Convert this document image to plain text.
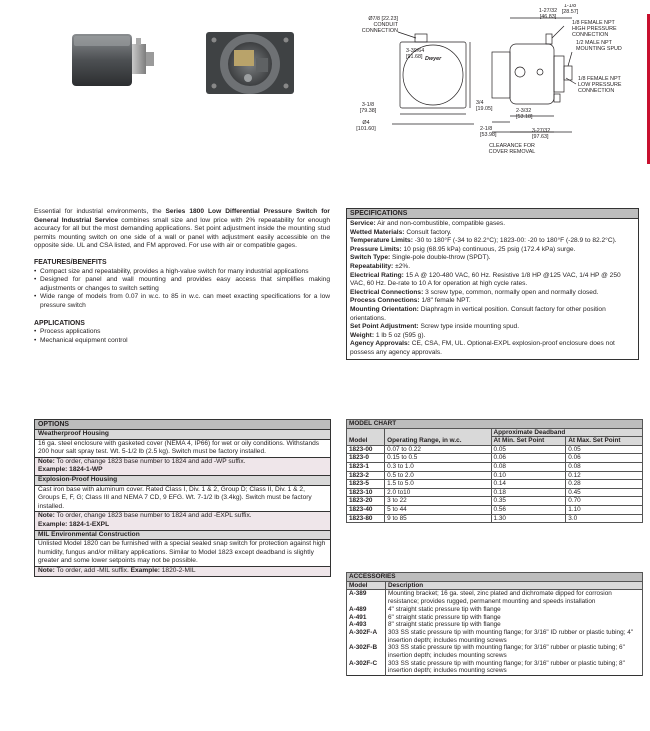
Dwyer
Ø7/8 [22.23] CONDUIT CONNECTION
3-39/64 [91.68]
3-1/8 [79.38]
Ø4 [101.60]
1-27/32 [46.83]
1-1/8 [28.57]
1/8 FEMALE NPT HIGH PRESSURE CONNECTION
1/2 MALE NPT MOUNTING SPUD
1/8 FEMALE NPT LOW PRESSURE CONNECTION
3/4 [19.05]	2-3/32 [53.18]
2-1/8 [53.98]
3-27/32 [97.63]
CLEARANCE FOR COVER REMOVAL
Essential for industrial environments, the Series 1800 Low Differential Pressure Switch for General Industrial Service combines small size and low price with 2% repeatability for enough accuracy for all but the most demanding applications. Set point adjustment inside the mounting stud permits mounting switch on one side of a wall or panel with adjustment easily accessible on the opposite side. UL and CSA listed, and FM approved. For use with air or compatible gages.
FEATURES/BENEFITS
• Compact size and repeatability, provides a high-value switch for many industrial applications
• Designed for panel and wall mounting and provides easy access that simplifies making adjustments or changes to switch setting
• Wide range of models from 0.07 in w.c. to 85 in w.c. can meet exacting specifications for a low pressure switch
APPLICATIONS
• Process applications
• Mechanical equipment control
SPECIFICATIONS
Service: Air and non-combustible, compatible gases.
Wetted Materials: Consult factory.
Temperature Limits: -30 to 180°F (-34 to 82.2°C); 1823-00: -20 to 180°F (-28.9 to 82.2°C).
Pressure Limits: 10 psig (68.95 kPa) continuous, 25 psig (172.4 kPa) surge.
Switch Type: Single-pole double-throw (SPDT).
Repeatability: ±2%.
Electrical Rating: 15 A @ 120-480 VAC, 60 Hz. Resistive 1/8 HP @125 VAC, 1/4 HP @ 250 VAC, 60 Hz. De-rate to 10 A for operation at high cycle rates.
Electrical Connections: 3 screw type, common, normally open and normally closed.
Process Connections: 1/8" female NPT.
Mounting Orientation: Diaphragm in vertical position. Consult factory for other position orientations.
Set Point Adjustment: Screw type inside mounting spud.
Weight: 1 lb 5 oz (595 g).
Agency Approvals: CE, CSA, FM, UL. Optional-EXPL explosion-proof enclosure does not possess any agency approvals.
OPTIONS
Weatherproof Housing
16 ga. steel enclosure with gasketed cover (NEMA 4, IP66) for wet or oily conditions. Withstands 200 hour salt spray test. Wt. 5-1/2 lb (2.5 kg). Switch must be factory installed.
Note: To order, change 1823 base number to 1824 and add -WP suffix.
Example: 1824-1-WP
Explosion-Proof Housing
Cast iron base with aluminum cover. Rated Class I, Div. 1 & 2, Group D; Class II, Div. 1 & 2, Groups E, F, G; Class III and NEMA 7 CD, 9 EFG. Wt. 7-1/2 lb (3.4kg). Switch must be factory installed.
Note: To order, change 1823 base number to 1824 and add -EXPL suffix.
Example: 1824-1-EXPL
MIL Environmental Construction
Unlisted Model 1820 can be furnished with a special sealed snap switch for protection against high humidity, fungus and/or military applications. Similar to Model 1823 except deadband is slightly greater and some lower setpoints may not be possible.
Note: To order, add -MIL suffix. Example: 1820-2-MIL
MODEL CHART			
Model	Operating Range, in w.c.	Approximate Deadband	
		At Min. Set Point	At Max. Set Point
1823-00	0.07 to 0.22	0.05	0.05
1823-0	0.15 to 0.5	0.06	0.06
1823-1	0.3 to 1.0	0.08	0.08
1823-2	0.5 to 2.0	0.10	0.12
1823-5	1.5 to 5.0	0.14	0.28
1823-10	2.0 to10	0.18	0.45
1823-20	3 to 22	0.35	0.70
1823-40	5 to 44	0.56	1.10
1823-80	9 to 85	1.30	3.0
ACCESSORIES	
Model	Description
A-389	Mounting bracket; 16 ga. steel, zinc plated and dichromate dipped for corrosion resistance; provides rugged, permanent mounting and speeds installation
A-489	4" straight static pressure tip with flange
A-491	6" straight static pressure tip with flange
A-493	8" straight static pressure tip with flange
A-302F-A	303 SS static pressure tip with mounting flange; for 3/16" ID rubber or plastic tubing; 4" insertion depth; includes mounting screws
A-302F-B	303 SS static pressure tip with mounting flange; for 3/16" rubber or plastic tubing; 6" insertion depth; includes mounting screws
A-302F-C	303 SS static pressure tip with mounting flange; for 3/16" rubber or plastic tubing; 8" insertion depth; includes mounting screws
